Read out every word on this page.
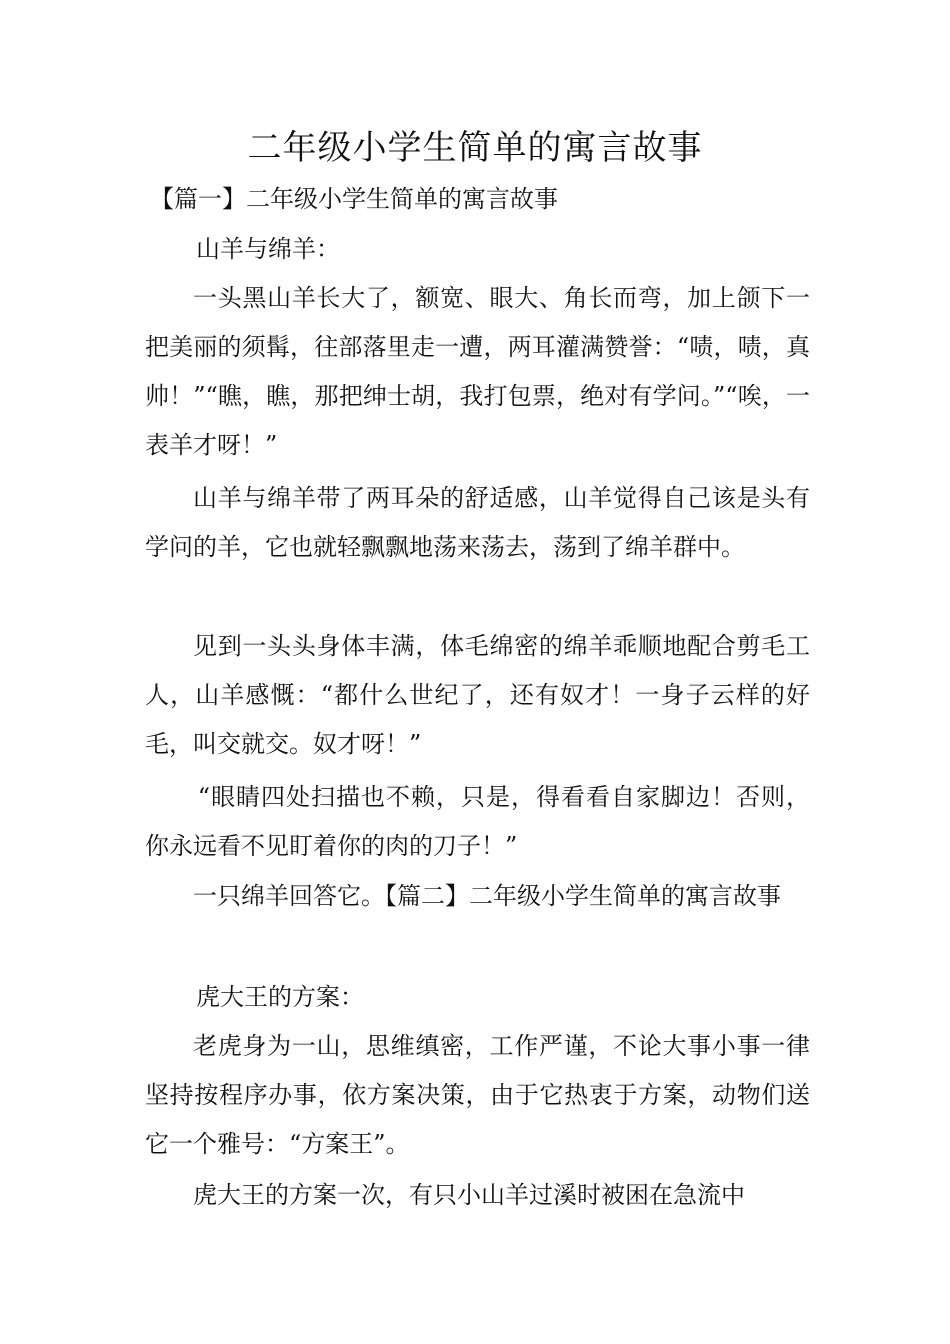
二年级小学生简单的寓言故事
【篇一】二年级小学生简单的寓言故事
山羊与绵羊：

一头黑山羊长大了，额宽、眼大、角长而弯，加上颌下一把美丽的须髯，往部落里走一遭，两耳灌满赞誉：“啧，啧，真帅！”“瞧，瞧，那把绅士胡，我打包票，绝对有学问。”“唉，一表羊才呀！”

山羊与绵羊带了两耳朵的舒适感，山羊觉得自己该是头有学问的羊，它也就轻飘飘地荡来荡去，荡到了绵羊群中。

见到一头头身体丰满，体毛绵密的绵羊乖顺地配合剪毛工人，山羊感慨：“都什么世纪了，还有奴才！一身子云样的好毛，叫交就交。奴才呀！”

“眼睛四处扫描也不赖，只是，得看看自家脚边！否则，你永远看不见盯着你的肉的刀子！”

一只绵羊回答它。【篇二】二年级小学生简单的寓言故事

虎大王的方案：

老虎身为一山，思维缜密，工作严谨，不论大事小事一律坚持按程序办事，依方案决策，由于它热衷于方案，动物们送它一个雅号：“方案王”。

虎大王的方案一次，有只小山羊过溪时被困在急流中
